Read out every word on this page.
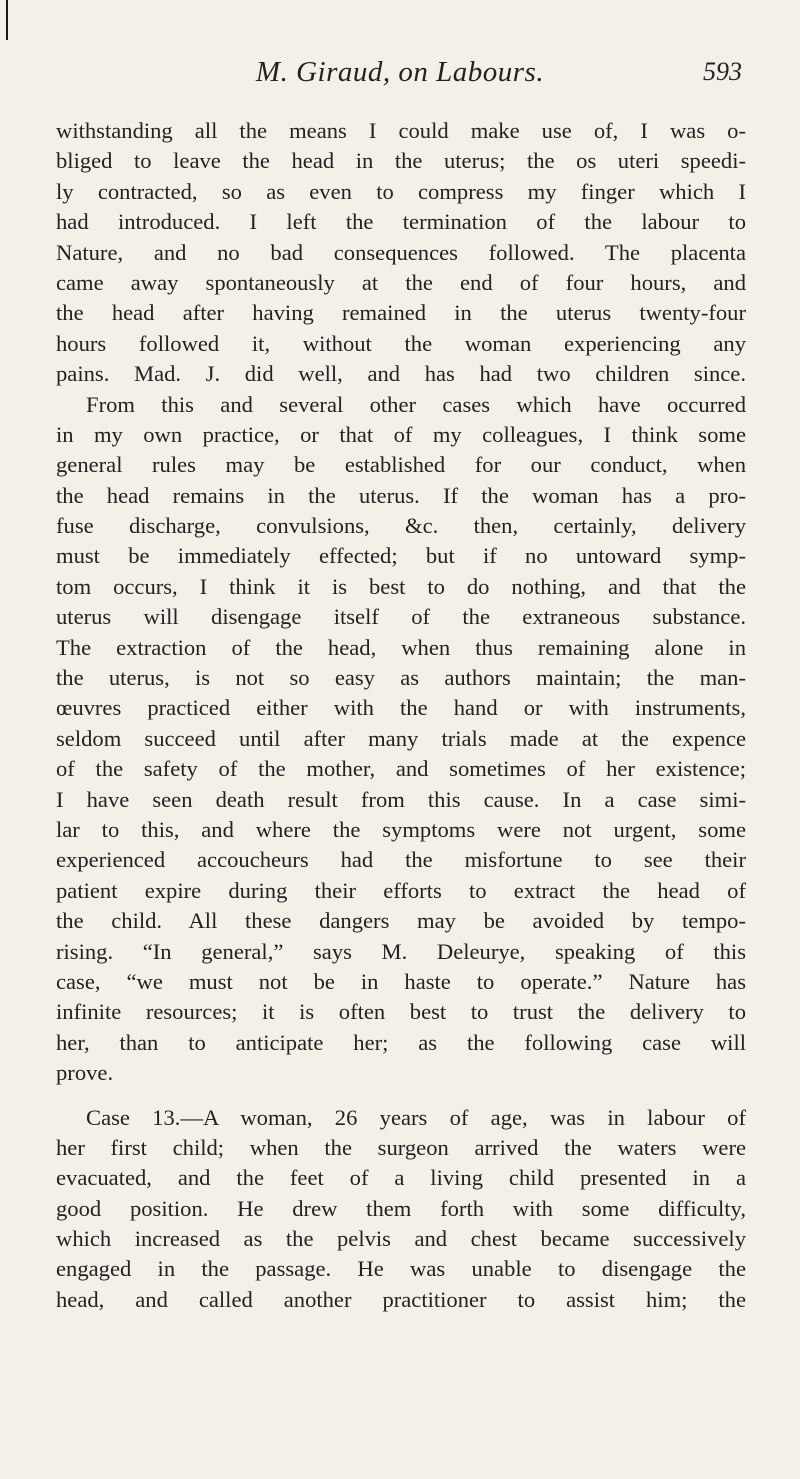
M. Giraud, on Labours.	593
withstanding all the means I could make use of, I was o-
bliged to leave the head in the uterus; the os uteri speedi-
ly contracted, so as even to compress my finger which I
had introduced. I left the termination of the labour to
Nature, and no bad consequences followed. The placenta
came away spontaneously at the end of four hours, and
the head after having remained in the uterus twenty-four
hours followed it, without the woman experiencing any
pains. Mad. J. did well, and has had two children since.
From this and several other cases which have occurred
in my own practice, or that of my colleagues, I think some
general rules may be established for our conduct, when
the head remains in the uterus. If the woman has a pro-
fuse discharge, convulsions, &c. then, certainly, delivery
must be immediately effected; but if no untoward symp-
tom occurs, I think it is best to do nothing, and that the
uterus will disengage itself of the extraneous substance.
The extraction of the head, when thus remaining alone in
the uterus, is not so easy as authors maintain; the man-
œuvres practiced either with the hand or with instruments,
seldom succeed until after many trials made at the expence
of the safety of the mother, and sometimes of her existence;
I have seen death result from this cause. In a case simi-
lar to this, and where the symptoms were not urgent, some
experienced accoucheurs had the misfortune to see their
patient expire during their efforts to extract the head of
the child. All these dangers may be avoided by tempo-
rising. “In general,” says M. Deleurye, speaking of this
case, “we must not be in haste to operate.” Nature has
infinite resources; it is often best to trust the delivery to
her, than to anticipate her; as the following case will
prove.
Case 13.—A woman, 26 years of age, was in labour of
her first child; when the surgeon arrived the waters were
evacuated, and the feet of a living child presented in a
good position. He drew them forth with some difficulty,
which increased as the pelvis and chest became successively
engaged in the passage. He was unable to disengage the
head, and called another practitioner to assist him; the
